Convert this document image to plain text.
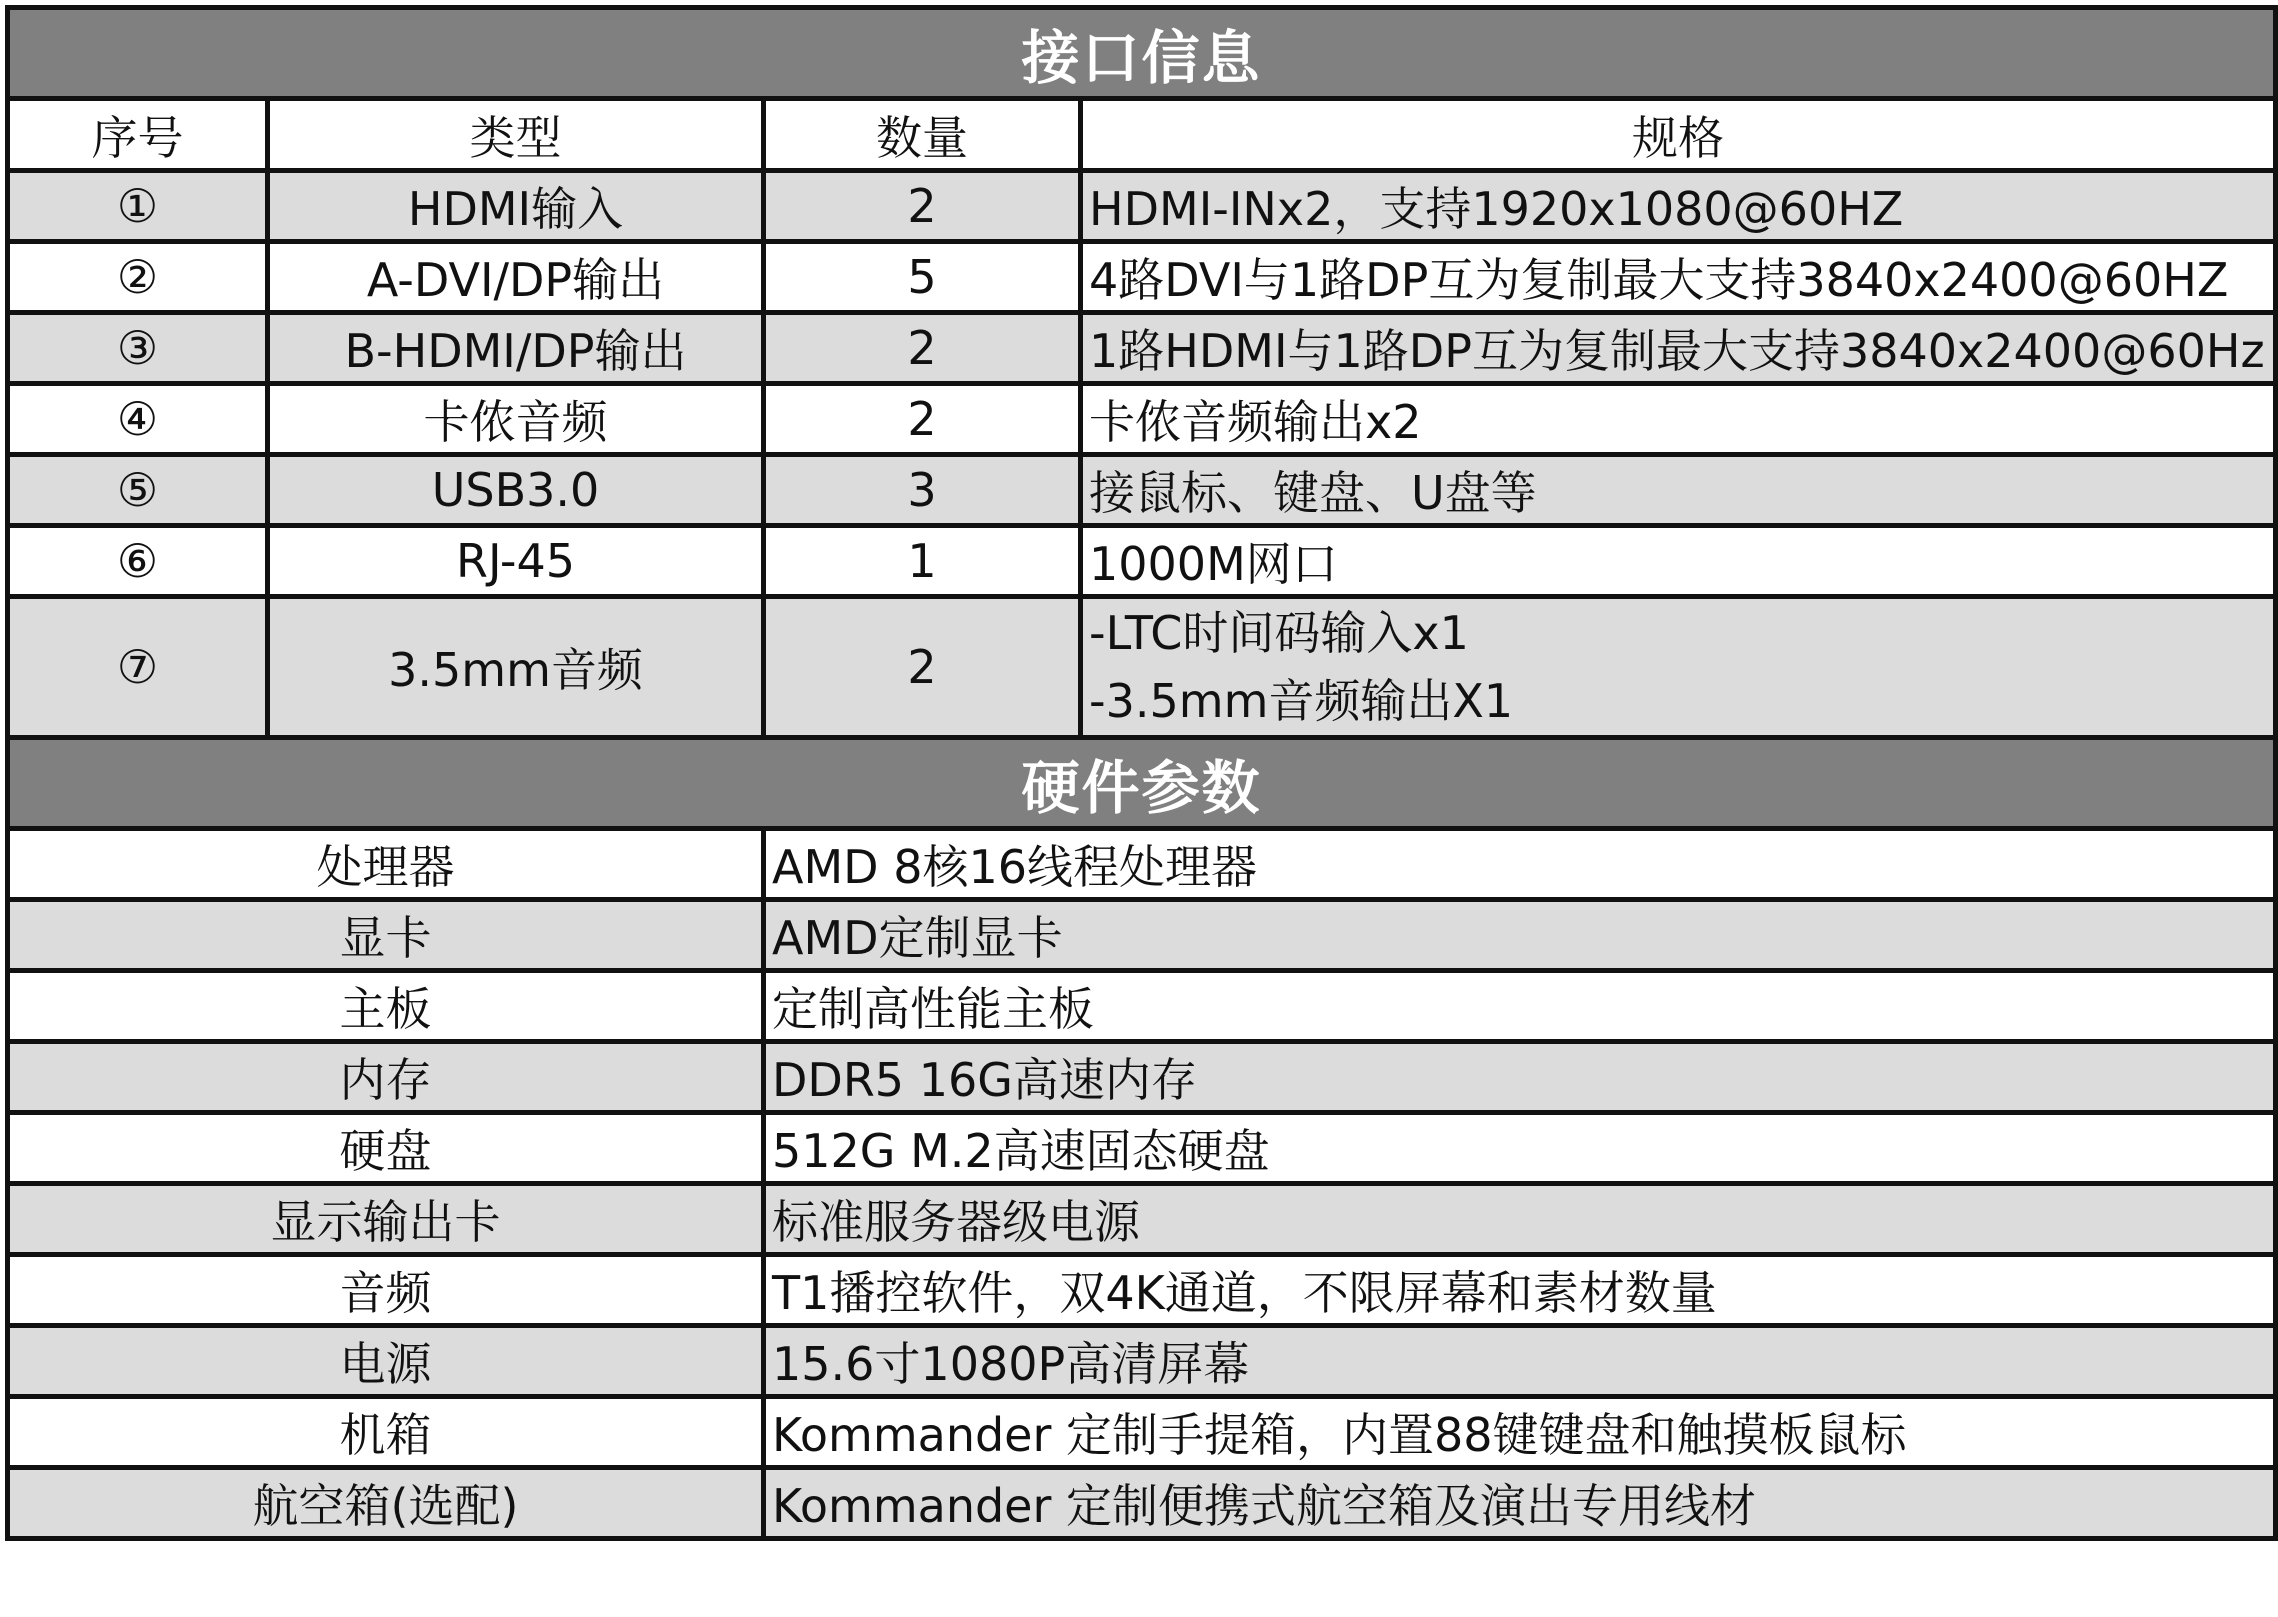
接口信息			
序号	类型	数量	规格
①	HDMI输入	2	HDMI-INx2，支持1920x1080@60HZ
②	A-DVI/DP输出	5	4路DVI与1路DP互为复制最大支持3840x2400@60HZ
③	B-HDMI/DP输出	2	1路HDMI与1路DP互为复制最大支持3840x2400@60Hz
④	卡侬音频	2	卡侬音频输出x2
⑤	USB3.0	3	接鼠标、键盘、U盘等
⑥	RJ-45	1	1000M网口
⑦	3.5mm音频	2	-LTC时间码输入x1
-3.5mm音频输出X1

硬件参数			
处理器		AMD 8核16线程处理器	
显卡		AMD定制显卡	
主板		定制高性能主板	
内存		DDR5 16G高速内存	
硬盘		512G M.2高速固态硬盘	
显示输出卡		标准服务器级电源	
音频		T1播控软件，双4K通道，不限屏幕和素材数量	
电源		15.6寸1080P高清屏幕	
机箱		Kommander 定制手提箱，内置88键键盘和触摸板鼠标	
航空箱(选配)		Kommander 定制便携式航空箱及演出专用线材	
